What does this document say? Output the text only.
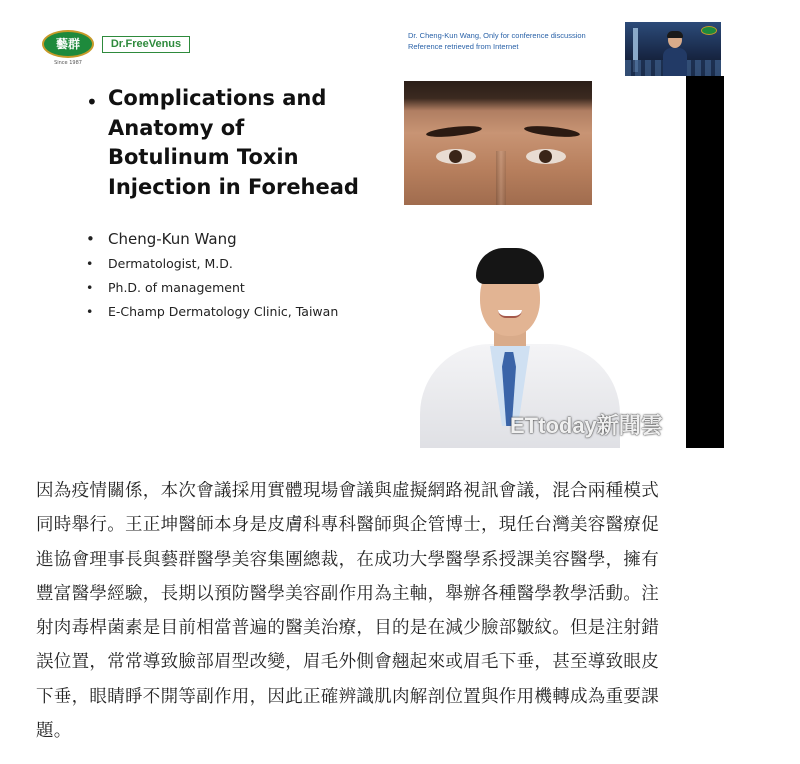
藝群
Since 1987
Dr.FreeVenus
Dr. Cheng-Kun Wang, Only for conference discussion
Reference retrieved from Internet
• Complications and
Anatomy of
Botulinum Toxin
Injection in Forehead
• Cheng-Kun Wang
• Dermatologist, M.D.
• Ph.D. of management
• E-Champ Dermatology Clinic, Taiwan
ETtoday新聞雲
因為疫情關係，本次會議採用實體現場會議與虛擬網路視訊會議，混合兩種模式
同時舉行。王正坤醫師本身是皮膚科專科醫師與企管博士，現任台灣美容醫療促
進協會理事長與藝群醫學美容集團總裁，在成功大學醫學系授課美容醫學，擁有
豐富醫學經驗，長期以預防醫學美容副作用為主軸，舉辦各種醫學教學活動。注
射肉毒桿菌素是目前相當普遍的醫美治療，目的是在減少臉部皺紋。但是注射錯
誤位置，常常導致臉部眉型改變，眉毛外側會翹起來或眉毛下垂，甚至導致眼皮
下垂，眼睛睜不開等副作用，因此正確辨識肌肉解剖位置與作用機轉成為重要課
題。
